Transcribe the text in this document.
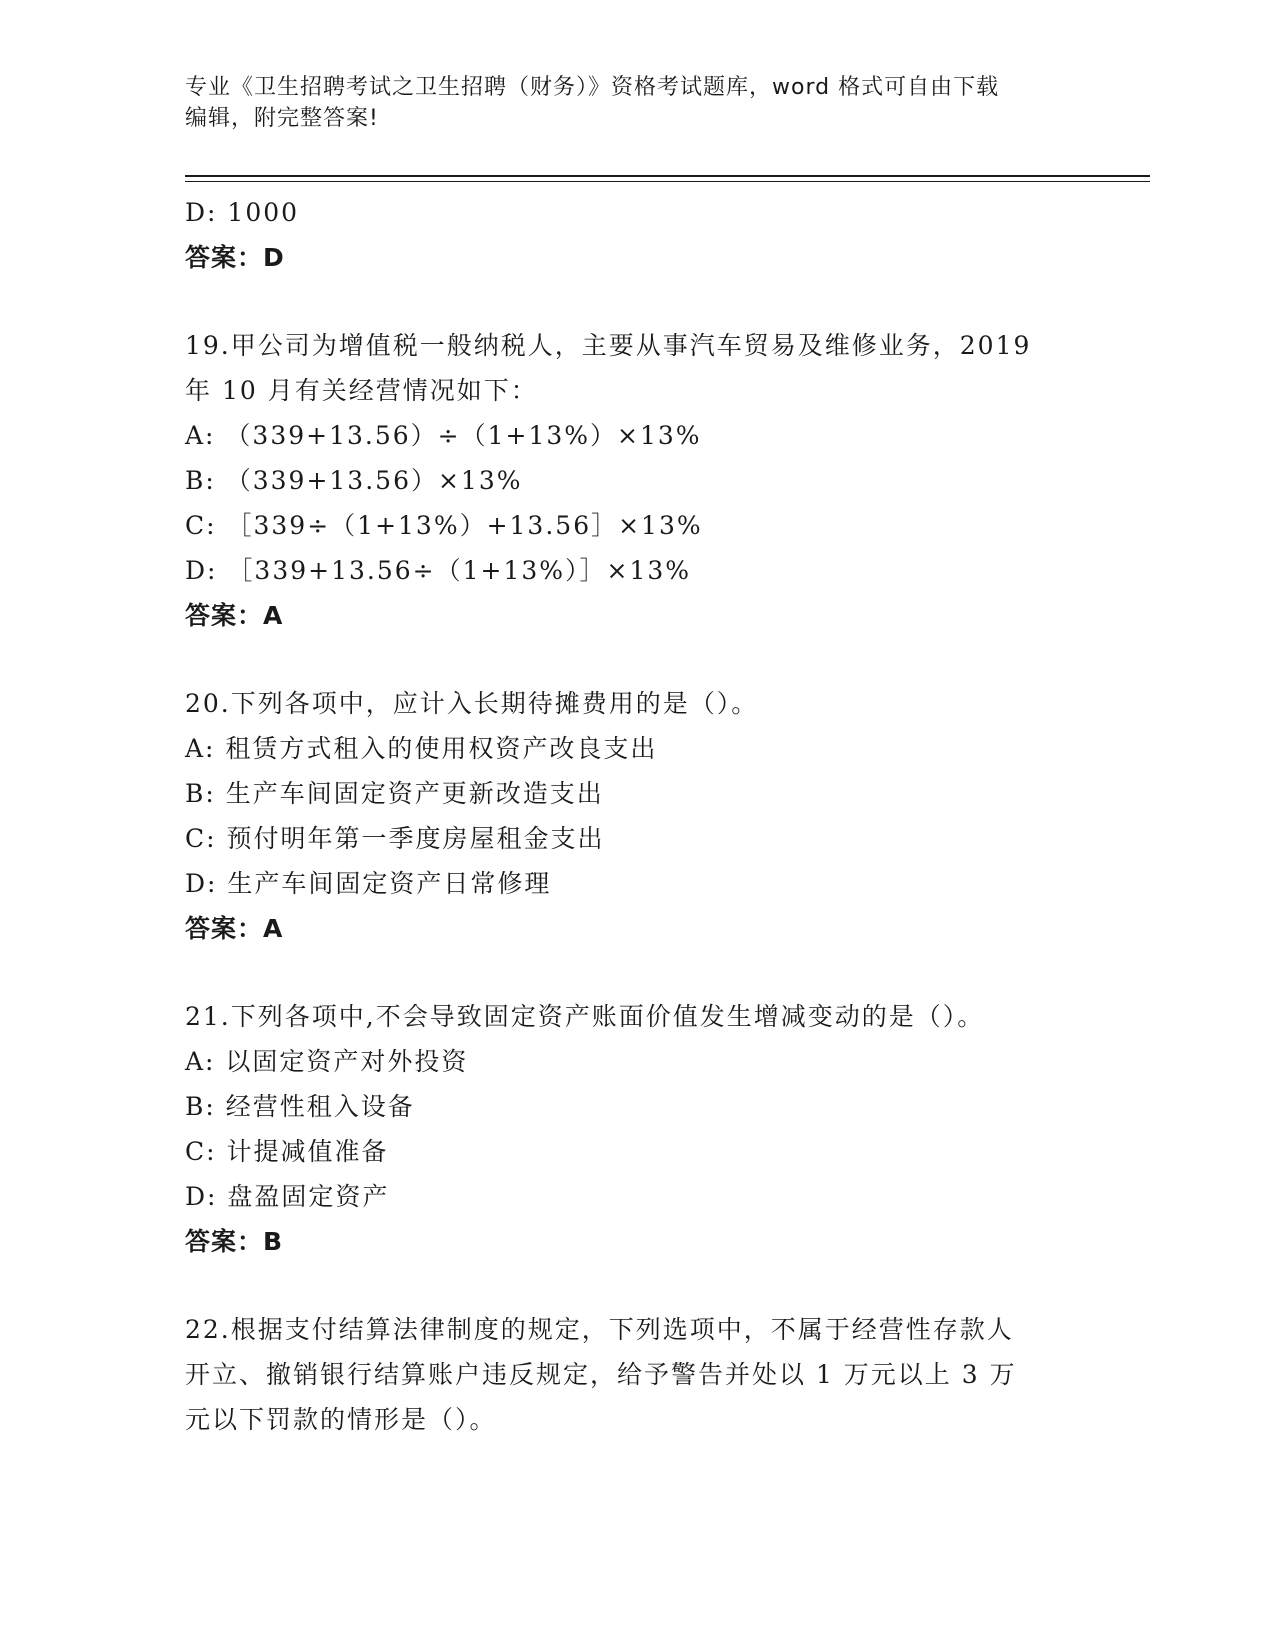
专业《卫生招聘考试之卫生招聘（财务）》资格考试题库，word 格式可自由下载
编辑，附完整答案!
D: 1000
答案：D
19.甲公司为增值税一般纳税人，主要从事汽车贸易及维修业务，2019
年 10 月有关经营情况如下：
A: （339+13.56）÷（1+13%）×13%
B: （339+13.56）×13%
C: ［339÷（1+13%）+13.56］×13%
D: ［339+13.56÷（1+13%）］×13%
答案：A
20.下列各项中，应计入长期待摊费用的是（）。
A: 租赁方式租入的使用权资产改良支出
B: 生产车间固定资产更新改造支出
C: 预付明年第一季度房屋租金支出
D: 生产车间固定资产日常修理
答案：A
21.下列各项中,不会导致固定资产账面价值发生增减变动的是（）。
A: 以固定资产对外投资
B: 经营性租入设备
C: 计提减值准备
D: 盘盈固定资产
答案：B
22.根据支付结算法律制度的规定，下列选项中，不属于经营性存款人
开立、撤销银行结算账户违反规定，给予警告并处以 1 万元以上 3 万
元以下罚款的情形是（）。
